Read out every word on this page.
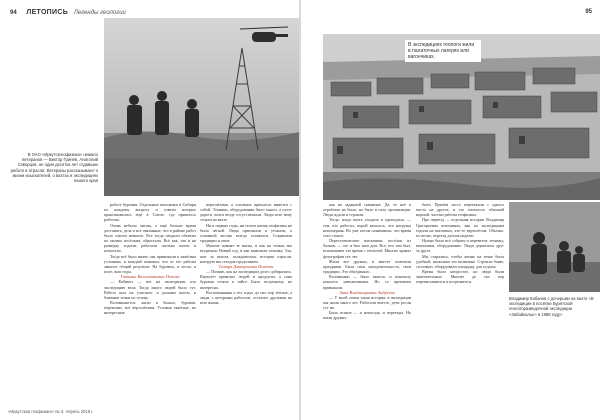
94 ЛЕТОПИСЬ Легенды геологии
В ОАО «Иркутскгеофизика» немало ветеранов — Виктор Гринёв, Анатолий Скворцов, не один десяток лет отдавших работе в отрасли. Ветераны рассказывают о жизни изыскателей, о вахтах и экспедициях нашего края

работе бурения. Отдельные вахтовики в Сибири по каждому вопросу и советы которые практиковались ещё в Союзе, где пришлось работать.

Очень небыло читать, а ещё больше время доставить, дела и все связанные, что в районе работ было совсем немного. Все тогда сводили объекты по малым посёлкам, обрастали. Всё как, так и на разведку ходили, работали сколько могли и помогали.

Тогда всё было иначе, мы привыкали к тяжёлым условиям, и каждый понимал, что от его работы зависит общий результат. На буровых, в лесах, в поле, шли годы.

Татьяна Валентиновна Попова

— Кабинет — вот на экспедиции, кто экспедицию вела. Тогда много людей было тут. Работа шла на участках: и дальние вахты, и ближние точки по сезону.

Вспоминается: жили в балках, буровая, перевозки, всё вертолётами. Условия тяжёлые, но интересные.

вертолётами, а основное пришлось вывезти с собой. Техники, оборудования было много, а пути-дороги почти везде отсутствовали. Люди всю зиму стояли на вахте.

Ни в первые годы, ни потом жизнь геофизика не была лёгкой. Люди приезжали и уезжали, а основной костяк всегда оставался. Сохранили традиции и опыт.

Многие помнят те вахты, и как на точках мы встречали Новый год, и как вывозили технику. Так, шаг за шагом, складывалась история отрасли, которую мы сегодня продолжаем.

Тамара Дмитриевна Исакова

— Помню, как на экспедиции долго добирались. Вертолёт привозил людей и продукты, а сама буровая стояла в тайге. Было по-разному, но интересно.

Воспоминания о тех годах до сих пор тёплые, а люди, с которыми работали, остались друзьями на всю жизнь.

«Иркутская геофизика» № 4. Апрель 2019 г.
95
В экспедициях геологи жили в палаточных лагерях или вагончиках.

как на заданной скважине. Да, ее неё в отработке не было, но было в силу организации. Люди ждали и строили.

Тогда, когда вахта уходила и приходила, — тем, кто работал, порой казалось, что нагрузка непомерная. Но уже потом понимаешь, что время того стоило.

Переселенческие вагончики, посёлки из балков, — это и был наш дом. Все, кто там был, вспоминают это время с теплотой. Многие хранят фотографии тех лет.

Жили все дружно, и вместе отмечали праздники. Была своя самодеятельность, свои традиции. Это объединяло.

Вспоминаю — было тяжело, и поначалу казалось невозможным. Но со временем привыкали.

Анна Владимировна Андреева

— У моей семьи такая история: в экспедиции мы жили много лет. Работали вместе, дети росли тут же.

Было всякое — и непогода, и переезды. Но жили дружно.

быть. Причём часто переезжали с одного места на другое, и это считалось обычной нормой, частью работы геофизика.

Про переезд — отдельная история. Владимир Григорьевич вспоминал, как по экспедициям ездили на вахтовках, кто-то вертолётом. Обычно, по весне, переезд длился неделю.

Нужно было всё собрать и перевезти: технику, вагончики, оборудование. Люди держались друг за друга.

Мы старались, чтобы жизнь на точке была удобной, насколько это возможно. Строили баню, столовую, оборудовали площадку для отдыха.

Время было непростое, но люди были замечательные. Многие до сих пор переписываются и встречаются.

Владимир Кабанов с дочерьми на вахте «В экспедиции в посёлке Бурятской геологоразведочной экспедиции «Забайкалье» в 1986 году»
